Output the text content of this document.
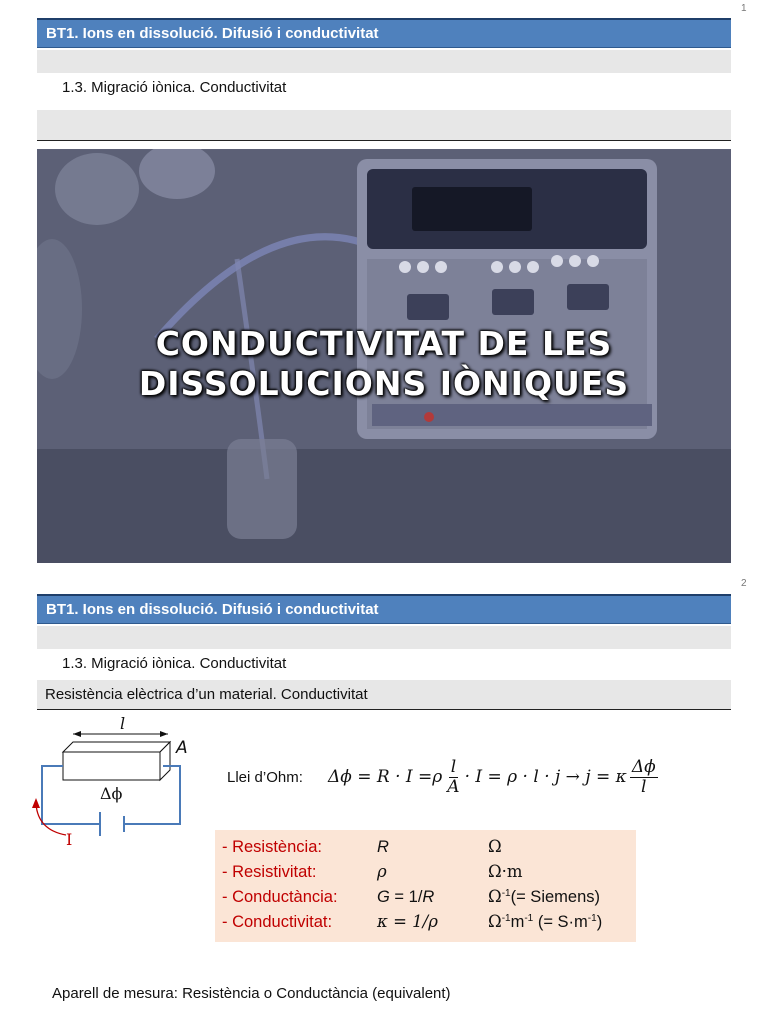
1
2
BT1. Ions en dissolució. Difusió i conductivitat
1.3. Migració iònica. Conductivitat
CONDUCTIVITAT DE LES
DISSOLUCIONS IÒNIQUES
BT1. Ions en dissolució. Difusió i conductivitat
1.3. Migració iònica. Conductivitat
Resistència elèctrica d’un material. Conductivitat
l
A
Δϕ
I
Llei d’Ohm: Δϕ = R · I = ρ $\frac{l}{A} \cdot I = \rho \cdot l \cdot j \to j = \kappa \frac{\Delta\phi}{l}$
- Resistència:	R	Ω
- Resistivitat:	ρ	Ω·m
- Conductància: G = 1/R	$\Omega^{-1}(=$ Siemens)
- Conductivitat:	κ = 1/ρ	$\Omega^{-1}m^{-1}$ (= $S\cdot m^{-1}$)
Aparell de mesura: Resistència o Conductància (equivalent)
